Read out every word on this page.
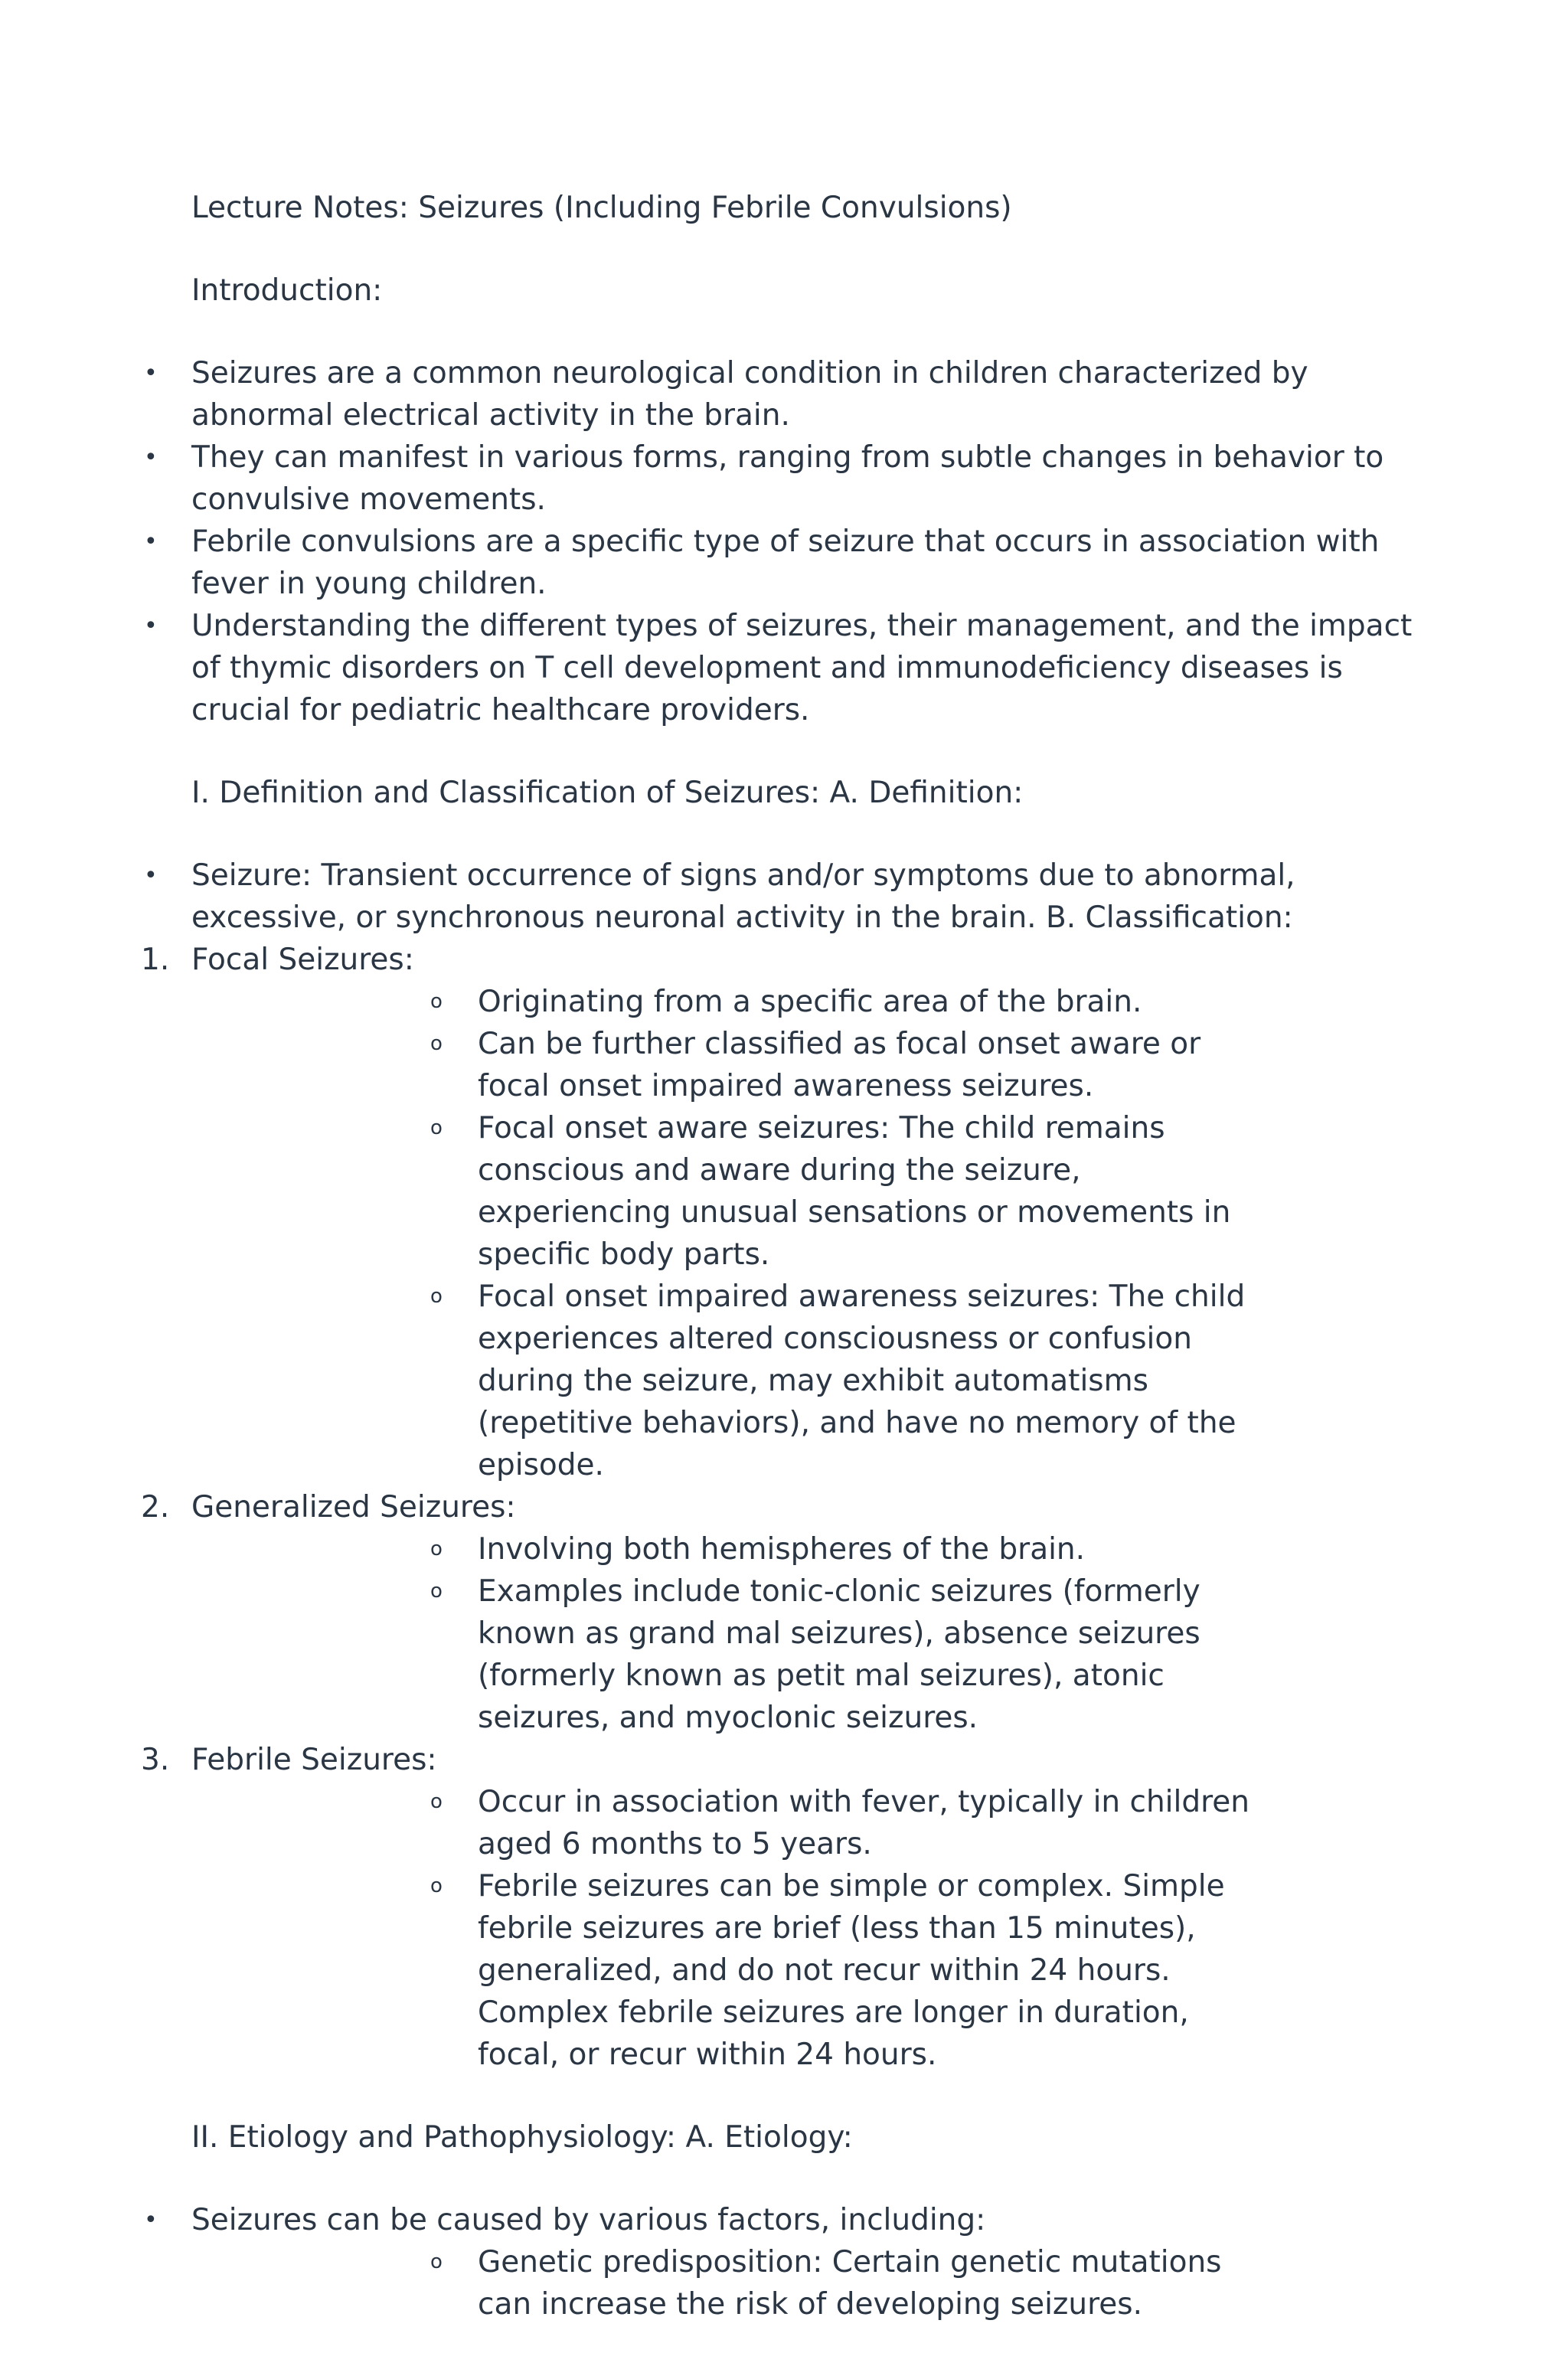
Lecture Notes: Seizures (Including Febrile Convulsions)

Introduction:

•	Seizures are a common neurological condition in children characterized by abnormal electrical activity in the brain.
•	They can manifest in various forms, ranging from subtle changes in behavior to convulsive movements.
•	Febrile convulsions are a specific type of seizure that occurs in association with fever in young children.
•	Understanding the different types of seizures, their management, and the impact of thymic disorders on T cell development and immunodeficiency diseases is crucial for pediatric healthcare providers.

I. Definition and Classification of Seizures: A. Definition:

•	Seizure: Transient occurrence of signs and/or symptoms due to abnormal, excessive, or synchronous neuronal activity in the brain. B. Classification:
1. Focal Seizures:
o	Originating from a specific area of the brain.
o	Can be further classified as focal onset aware or focal onset impaired awareness seizures.
o	Focal onset aware seizures: The child remains conscious and aware during the seizure, experiencing unusual sensations or movements in specific body parts.
o	Focal onset impaired awareness seizures: The child experiences altered consciousness or confusion during the seizure, may exhibit automatisms (repetitive behaviors), and have no memory of the episode.
2. Generalized Seizures:
o	Involving both hemispheres of the brain.
o	Examples include tonic-clonic seizures (formerly known as grand mal seizures), absence seizures (formerly known as petit mal seizures), atonic seizures, and myoclonic seizures.
3. Febrile Seizures:
o	Occur in association with fever, typically in children aged 6 months to 5 years.
o	Febrile seizures can be simple or complex. Simple febrile seizures are brief (less than 15 minutes), generalized, and do not recur within 24 hours. Complex febrile seizures are longer in duration, focal, or recur within 24 hours.

II. Etiology and Pathophysiology: A. Etiology:

•	Seizures can be caused by various factors, including:
o	Genetic predisposition: Certain genetic mutations can increase the risk of developing seizures.
